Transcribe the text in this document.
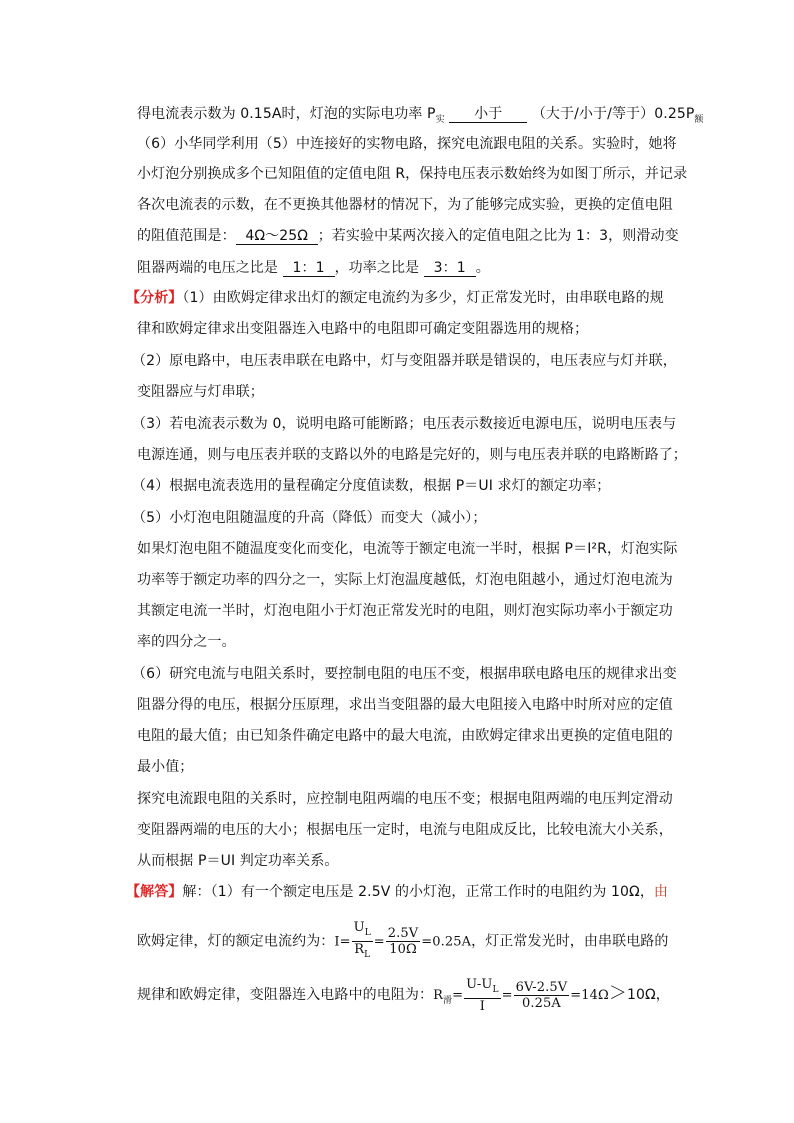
得电流表示数为 0.15A时，灯泡的实际电功率 $P_实$ 小于 （大于/小于/等于）$0.25P_额$
（6）小华同学利用（5）中连接好的实物电路，探究电流跟电阻的关系。实验时，她将
小灯泡分别换成多个已知阻值的定值电阻 R，保持电压表示数始终为如图丁所示，并记录
各次电流表的示数，在不更换其他器材的情况下，为了能够完成实验，更换的定值电阻
的阻值范围是： 4Ω～25Ω ；若实验中某两次接入的定值电阻之比为 1：3，则滑动变
阻器两端的电压之比是 1：1 ，功率之比是 3：1 。
【分析】（1）由欧姆定律求出灯的额定电流约为多少，灯正常发光时，由串联电路的规
律和欧姆定律求出变阻器连入电路中的电阻即可确定变阻器选用的规格；
（2）原电路中，电压表串联在电路中，灯与变阻器并联是错误的，电压表应与灯并联，
变阻器应与灯串联；
（3）若电流表示数为 0，说明电路可能断路；电压表示数接近电源电压，说明电压表与
电源连通，则与电压表并联的支路以外的电路是完好的，则与电压表并联的电路断路了；
（4）根据电流表选用的量程确定分度值读数，根据 P＝UI 求灯的额定功率；
（5）小灯泡电阻随温度的升高（降低）而变大（减小）；
如果灯泡电阻不随温度变化而变化，电流等于额定电流一半时，根据 P＝I²R，灯泡实际
功率等于额定功率的四分之一，实际上灯泡温度越低，灯泡电阻越小，通过灯泡电流为
其额定电流一半时，灯泡电阻小于灯泡正常发光时的电阻，则灯泡实际功率小于额定功
率的四分之一。
（6）研究电流与电阻关系时，要控制电阻的电压不变，根据串联电路电压的规律求出变
阻器分得的电压，根据分压原理，求出当变阻器的最大电阻接入电路中时所对应的定值
电阻的最大值；由已知条件确定电路中的最大电流，由欧姆定律求出更换的定值电阻的
最小值；
探究电流跟电阻的关系时，应控制电阻两端的电压不变；根据电阻两端的电压判定滑动
变阻器两端的电压的大小；根据电压一定时，电流与电阻成反比，比较电流大小关系，
从而根据 P＝UI 判定功率关系。
【解答】解：（1）有一个额定电压是 2.5V 的小灯泡，正常工作时的电阻约为 10Ω，由
欧姆定律，灯的额定电流约为：$I= \frac{U_L}{R_L} = \frac{2.5V}{10\Omega} =0.25A$，灯正常发光时，由串联电路的
规律和欧姆定律，变阻器连入电路中的电阻为：$R_滑= \frac{U-U_L}{I} = \frac{6V-2.5V}{0.25A} =14\Omega>10\Omega$，
